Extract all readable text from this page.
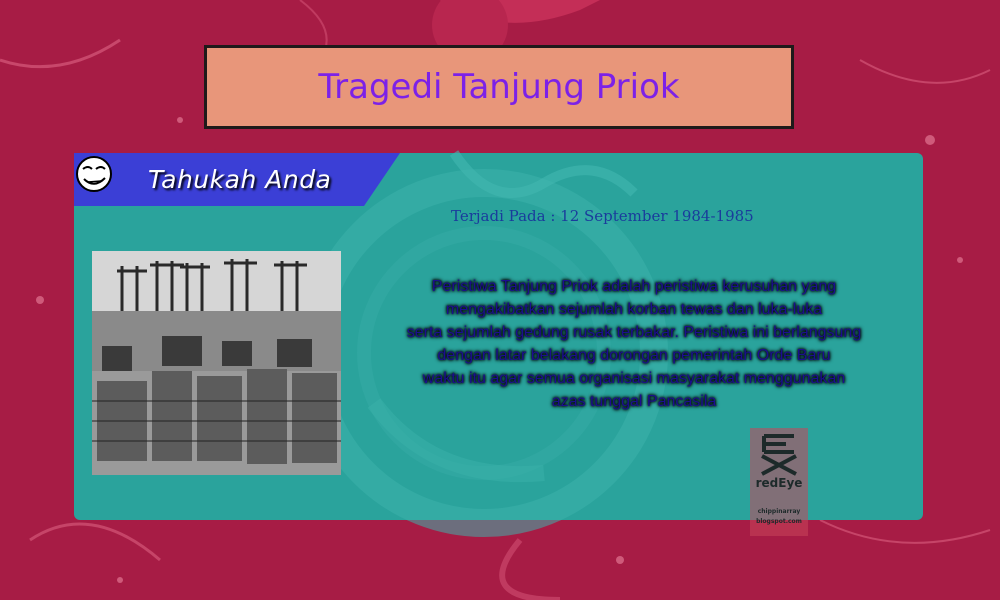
Tragedi Tanjung Priok
Tahukah Anda
Terjadi Pada : 12 September 1984-1985
Peristiwa Tanjung Priok adalah peristiwa kerusuhan yang
mengakibatkan sejumlah korban tewas dan luka-luka
serta sejumlah gedung rusak terbakar. Peristiwa ini berlangsung
dengan latar belakang dorongan pemerintah Orde Baru
waktu itu agar semua organisasi masyarakat menggunakan
azas tunggal Pancasila
redEye
chippinarray
blogspot.com
